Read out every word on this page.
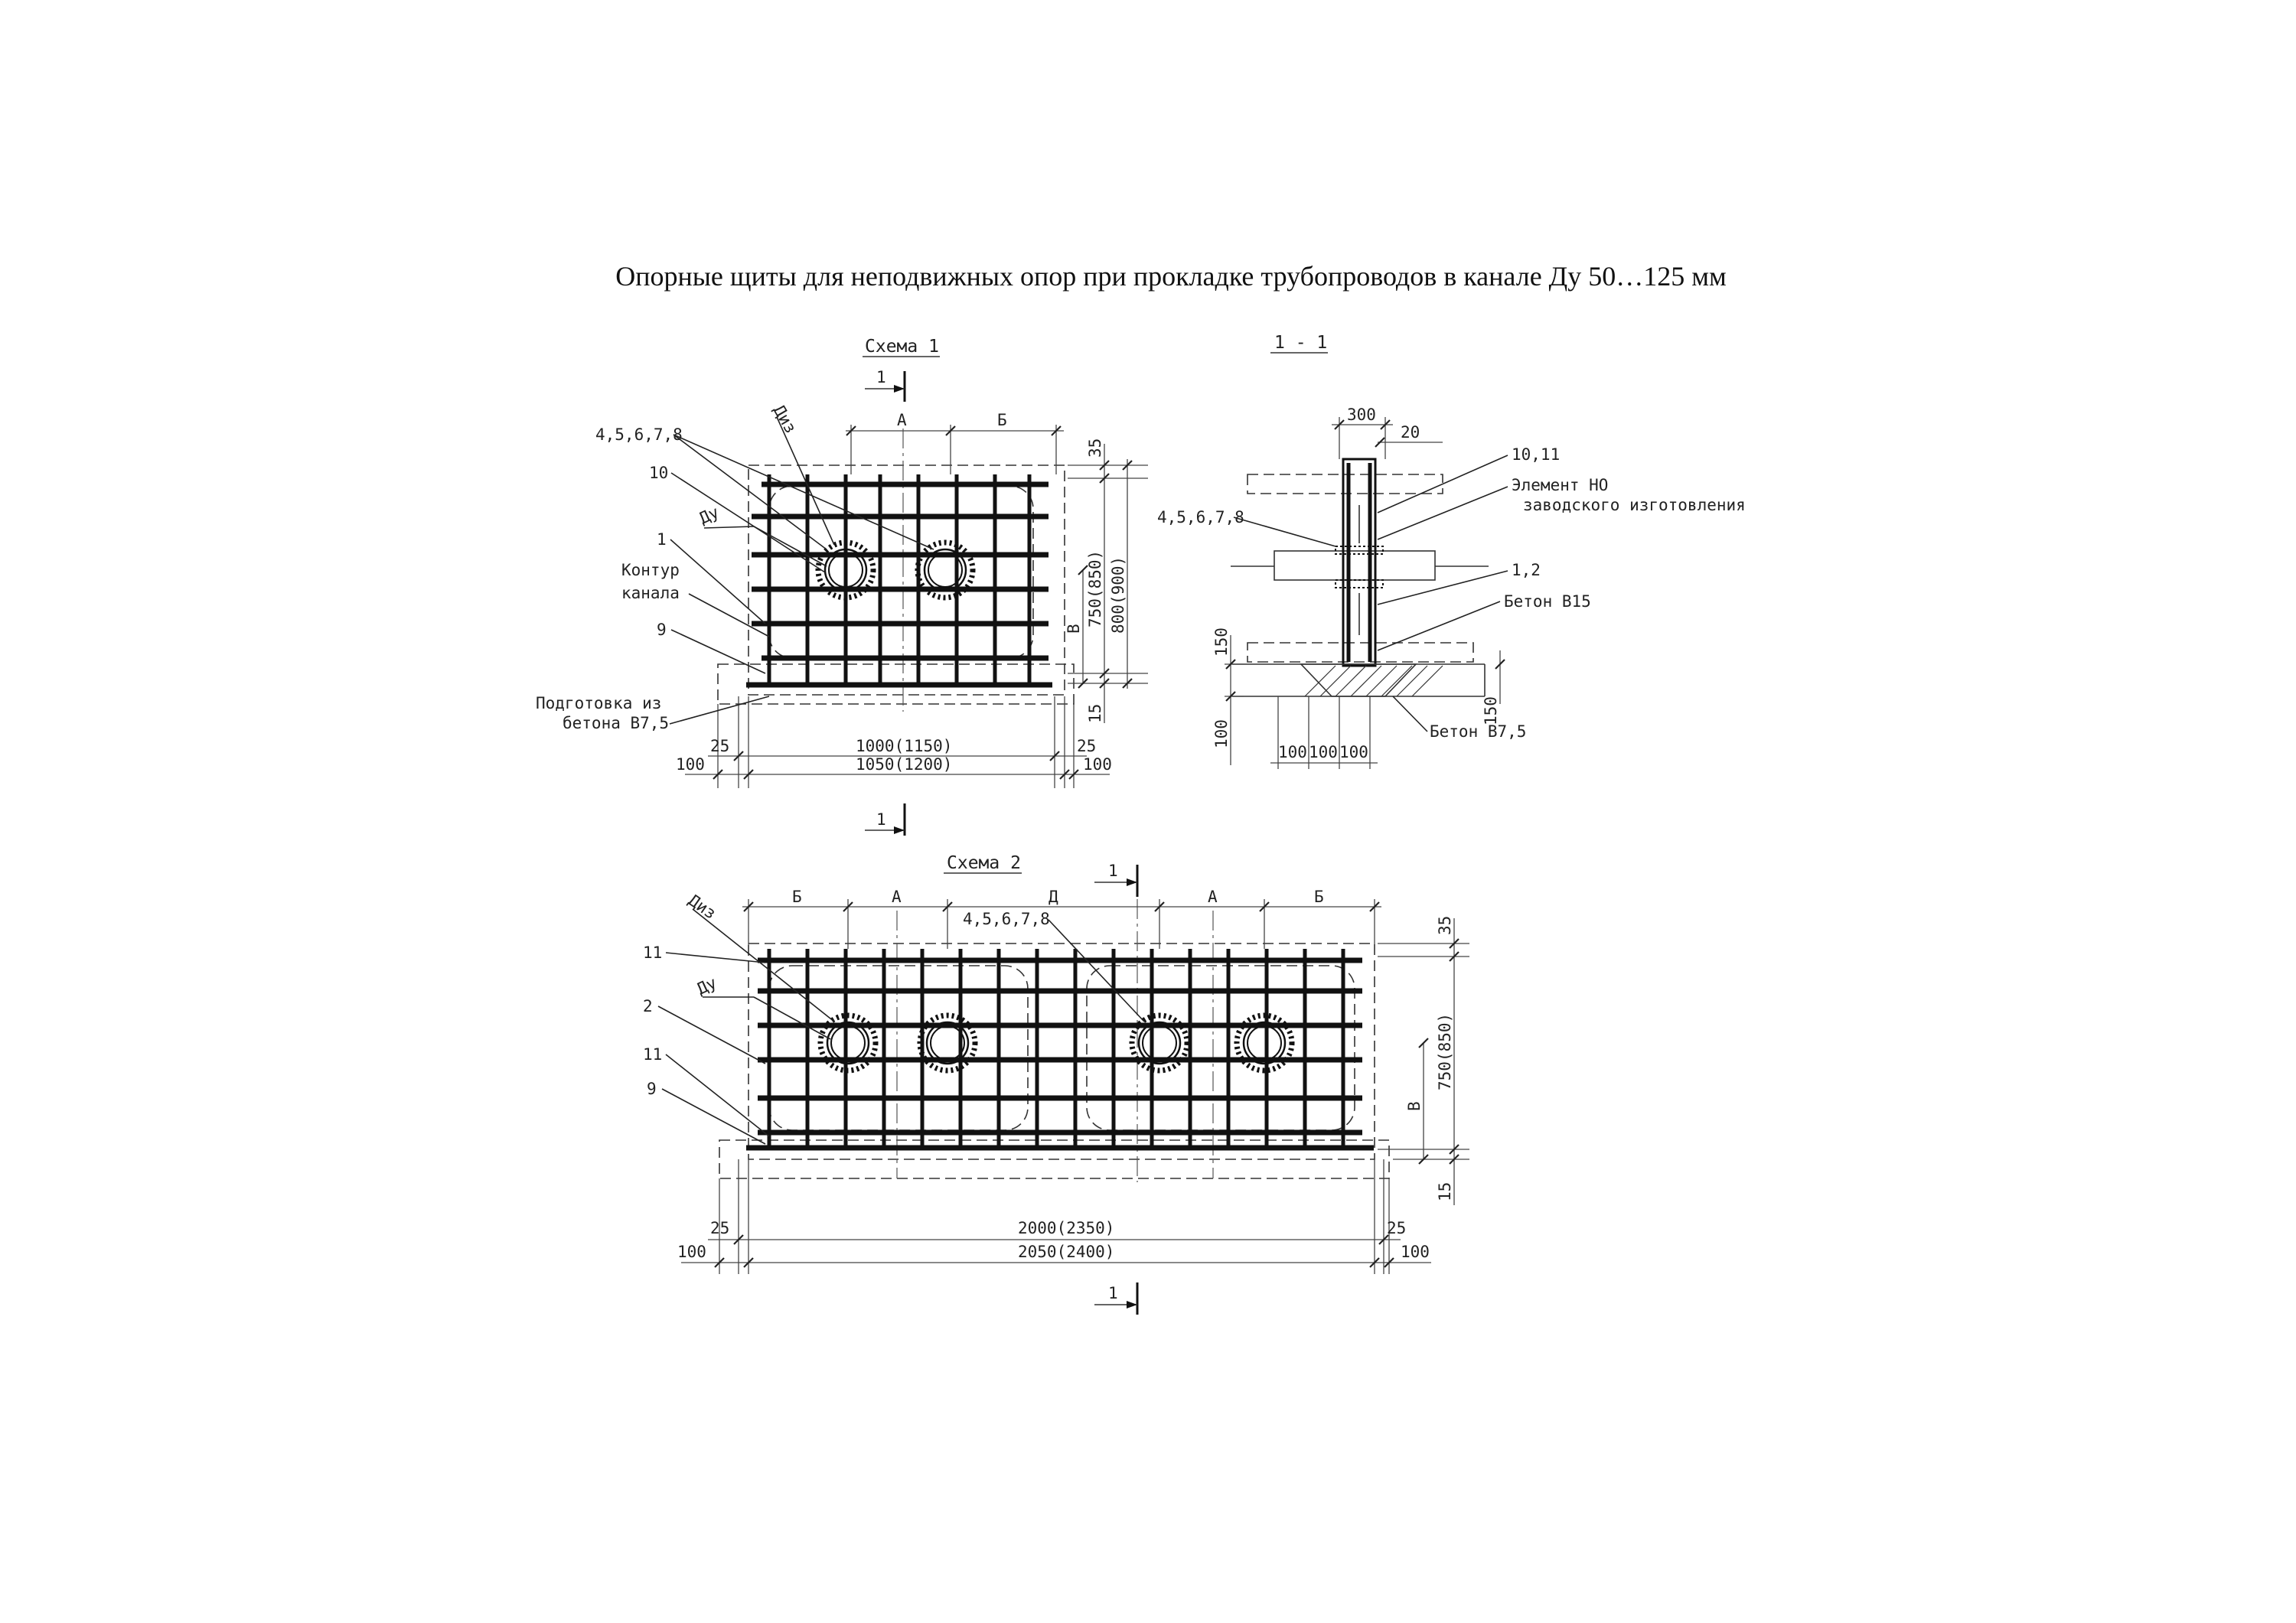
Опорные щиты для неподвижных опор при прокладке трубопроводов в канале Ду 50…125 мм
Схема 1
1
1
А	Б
35
15
750(850) 800(900)
В
25	25
100	100
1000(1150)
1050(1200)
Диз
Ду
4,5,6,7,8
10
1
Контур
канала
9
Подготовка из
бетона В7,5
1 - 1
300
20
150
100
150
100 100 100
10,11
Элемент НО
заводского изготовления
4,5,6,7,8
1,2
Бетон В15
Бетон В7,5
Схема 2	1
1
Б	А	Д	А	Б
35
15
750(850)
В
25	25
100	100
2000(2350)
2050(2400)
Диз
Ду
4,5,6,7,8
11
2
11
9
